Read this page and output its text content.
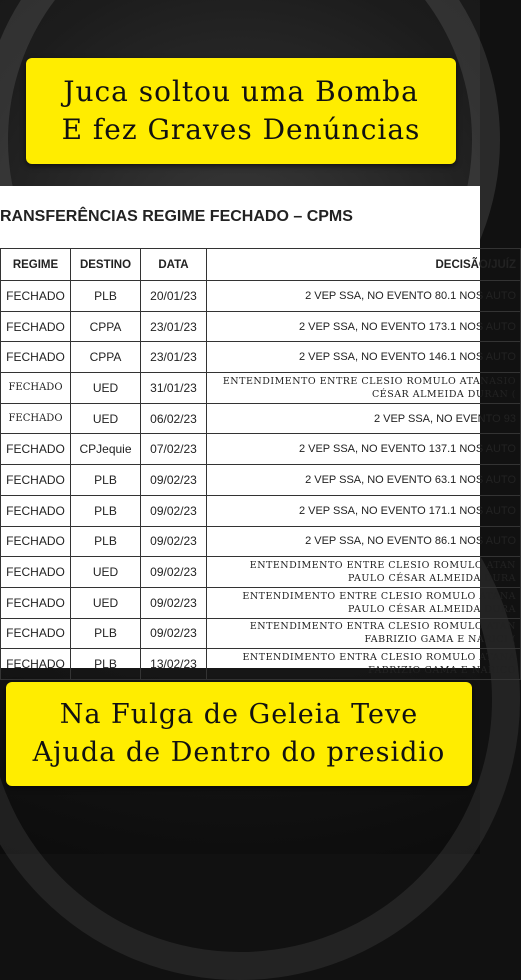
Juca soltou uma Bomba
E fez Graves Denúncias
RANSFERÊNCIAS REGIME FECHADO – CPMS
REGIME	DESTINO	DATA	DECISÃO/JUÍZ
FECHADO	PLB	20/01/23	2 VEP SSA, NO EVENTO 80.1 NOS AUTO

FECHADO	CPPA	23/01/23	2 VEP SSA, NO EVENTO 173.1 NOS AUTO

FECHADO	CPPA	23/01/23	2 VEP SSA, NO EVENTO 146.1 NOS AUTO

FECHADO	UED	31/01/23	ENTENDIMENTO ENTRE CLESIO ROMULO ATANASIO
CÉSAR ALMEIDA DURAN (

FECHADO	UED	06/02/23	2 VEP SSA, NO EVENTO 93

FECHADO	CPJequie	07/02/23	2 VEP SSA, NO EVENTO 137.1 NOS AUTO

FECHADO	PLB	09/02/23	2 VEP SSA, NO EVENTO 63.1 NOS AUTO

FECHADO	PLB	09/02/23	2 VEP SSA, NO EVENTO 171.1 NOS AUTO

FECHADO	PLB	09/02/23	2 VEP SSA, NO EVENTO 86.1 NOS AUTO

FECHADO	UED	09/02/23	ENTENDIMENTO ENTRE CLESIO ROMULO ATAN
PAULO CÉSAR ALMEIDA DURA

FECHADO	UED	09/02/23	ENTENDIMENTO ENTRE CLESIO ROMULO ATANA
PAULO CÉSAR ALMEIDA DURA

FECHADO	PLB	09/02/23	ENTENDIMENTO ENTRA CLESIO ROMULO ATAN
FABRIZIO GAMA E NARICI (

FECHADO	PLB	13/02/23	ENTENDIMENTO ENTRA CLESIO ROMULO ATANA
FABRIZIO GAMA E NARICO
Na Fulga de Geleia Teve
Ajuda de Dentro do presidio
